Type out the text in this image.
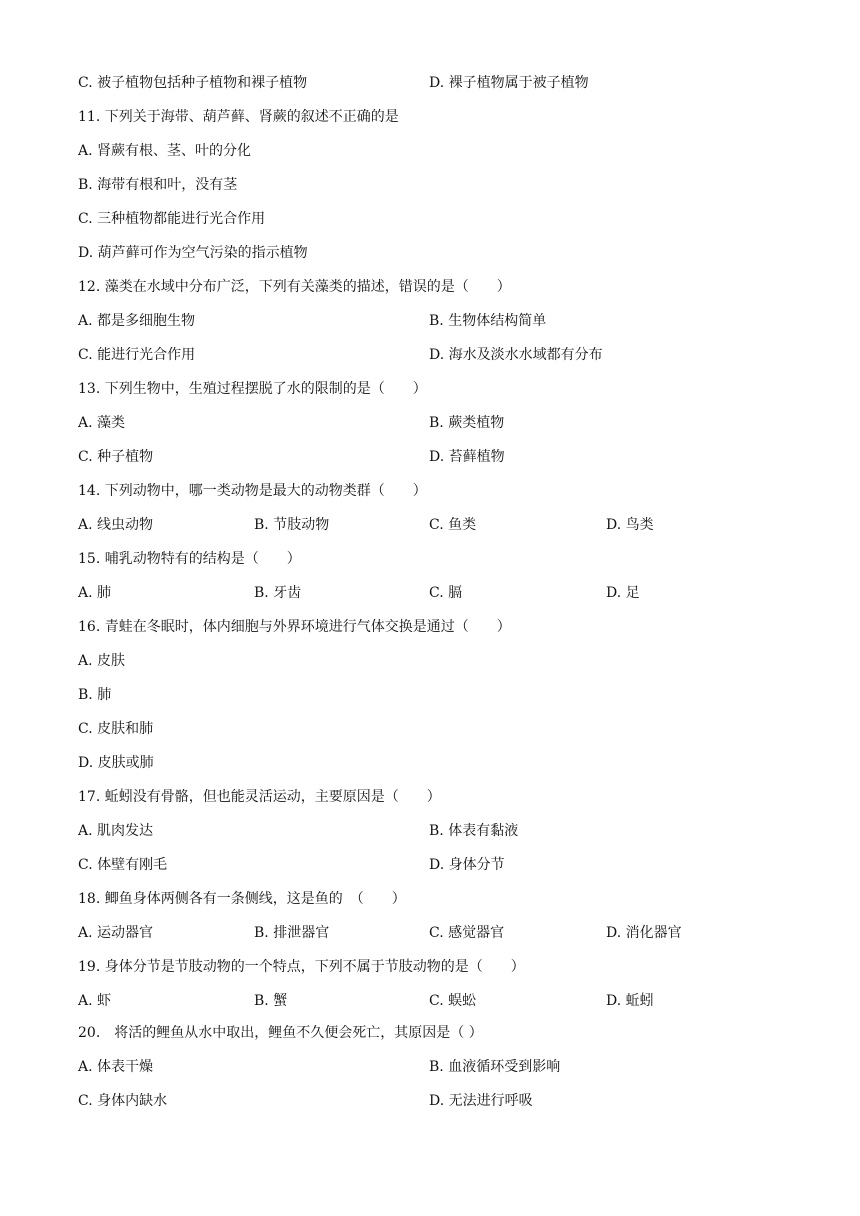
C. 被子植物包括种子植物和裸子植物	D. 裸子植物属于被子植物
11. 下列关于海带、葫芦藓、肾蕨的叙述不正确的是
A. 肾蕨有根、茎、叶的分化
B. 海带有根和叶，没有茎
C. 三种植物都能进行光合作用
D. 葫芦藓可作为空气污染的指示植物
12. 藻类在水域中分布广泛，下列有关藻类的描述，错误的是（　　）
A. 都是多细胞生物	B. 生物体结构简单
C. 能进行光合作用	D. 海水及淡水水域都有分布
13. 下列生物中，生殖过程摆脱了水的限制的是（　　）
A. 藻类	B. 蕨类植物
C. 种子植物	D. 苔藓植物
14. 下列动物中，哪一类动物是最大的动物类群（　　）
A. 线虫动物	B. 节肢动物	C. 鱼类	D. 鸟类
15. 哺乳动物特有的结构是（　　）
A. 肺	B. 牙齿	C. 膈	D. 足
16. 青蛙在冬眠时，体内细胞与外界环境进行气体交换是通过（　　）
A. 皮肤
B. 肺
C. 皮肤和肺
D. 皮肤或肺
17. 蚯蚓没有骨骼，但也能灵活运动，主要原因是（　　）
A. 肌肉发达	B. 体表有黏液
C. 体壁有刚毛	D. 身体分节
18. 鲫鱼身体两侧各有一条侧线，这是鱼的　（　　）
A. 运动器官	B. 排泄器官	C. 感觉器官	D. 消化器官
19. 身体分节是节肢动物的一个特点，下列不属于节肢动物的是（　　）
A. 虾	B. 蟹	C. 蜈蚣	D. 蚯蚓
20.　将活的鲤鱼从水中取出，鲤鱼不久便会死亡，其原因是（ ）
A. 体表干燥	B. 血液循环受到影响
C. 身体内缺水	D. 无法进行呼吸
